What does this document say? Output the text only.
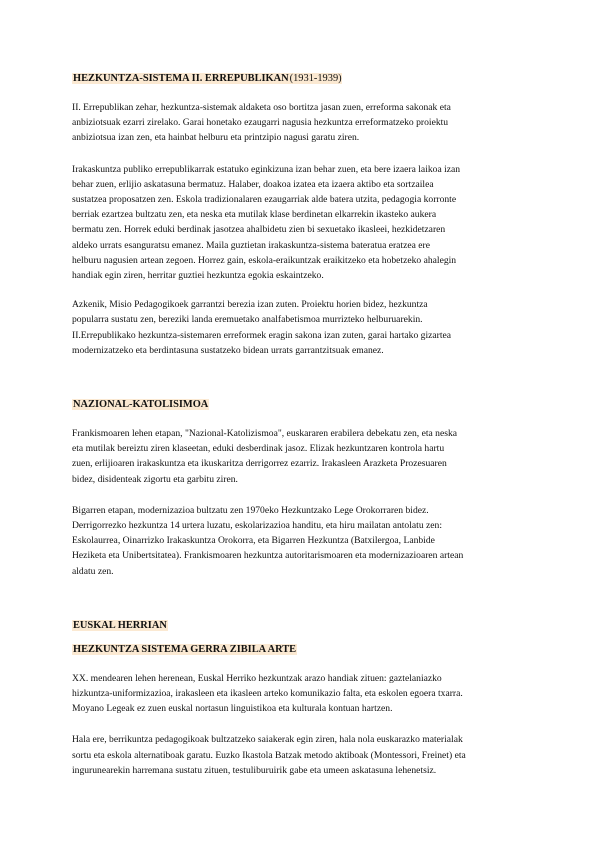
HEZKUNTZA-SISTEMA II. ERREPUBLIKAN(1931-1939)

II. Errepublikan zehar, hezkuntza-sistemak aldaketa oso bortitza jasan zuen, erreforma sakonak eta
anbiziotsuak ezarri zirelako. Garai honetako ezaugarri nagusia hezkuntza erreformatzeko proiektu
anbiziotsua izan zen, eta hainbat helburu eta printzipio nagusi garatu ziren.

Irakaskuntza publiko errepublikarrak estatuko eginkizuna izan behar zuen, eta bere izaera laikoa izan
behar zuen, erlijio askatasuna bermatuz. Halaber, doakoa izatea eta izaera aktibo eta sortzailea
sustatzea proposatzen zen. Eskola tradizionalaren ezaugarriak alde batera utzita, pedagogia korronte
berriak ezartzea bultzatu zen, eta neska eta mutilak klase berdinetan elkarrekin ikasteko aukera
bermatu zen. Horrek eduki berdinak jasotzea ahalbidetu zien bi sexuetako ikasleei, hezkidetzaren
aldeko urrats esanguratsu emanez. Maila guztietan irakaskuntza-sistema bateratua eratzea ere
helburu nagusien artean zegoen. Horrez gain, eskola-eraikuntzak eraikitzeko eta hobetzeko ahalegin
handiak egin ziren, herritar guztiei hezkuntza egokia eskaintzeko.

Azkenik, Misio Pedagogikoek garrantzi berezia izan zuten. Proiektu horien bidez, hezkuntza
popularra sustatu zen, bereziki landa eremuetako analfabetismoa murrizteko helburuarekin.
II.Errepublikako hezkuntza-sistemaren erreformek eragin sakona izan zuten, garai hartako gizartea
modernizatzeko eta berdintasuna sustatzeko bidean urrats garrantzitsuak emanez.

NAZIONAL-KATOLISIMOA

Frankismoaren lehen etapan, "Nazional-Katolizismoa", euskararen erabilera debekatu zen, eta neska
eta mutilak bereiztu ziren klaseetan, eduki desberdinak jasoz. Elizak hezkuntzaren kontrola hartu
zuen, erlijioaren irakaskuntza eta ikuskaritza derrigorrez ezarriz. Irakasleen Arazketa Prozesuaren
bidez, disidenteak zigortu eta garbitu ziren.

Bigarren etapan, modernizazioa bultzatu zen 1970eko Hezkuntzako Lege Orokorraren bidez.
Derrigorrezko hezkuntza 14 urtera luzatu, eskolarizazioa handitu, eta hiru mailatan antolatu zen:
Eskolaurrea, Oinarrizko Irakaskuntza Orokorra, eta Bigarren Hezkuntza (Batxilergoa, Lanbide
Heziketa eta Unibertsitatea). Frankismoaren hezkuntza autoritarismoaren eta modernizazioaren artean
aldatu zen.

EUSKAL HERRIAN
HEZKUNTZA SISTEMA GERRA ZIBILA ARTE

XX. mendearen lehen herenean, Euskal Herriko hezkuntzak arazo handiak zituen: gaztelaniazko
hizkuntza-uniformizazioa, irakasleen eta ikasleen arteko komunikazio falta, eta eskolen egoera txarra.
Moyano Legeak ez zuen euskal nortasun linguistikoa eta kulturala kontuan hartzen.

Hala ere, berrikuntza pedagogikoak bultzatzeko saiakerak egin ziren, hala nola euskarazko materialak
sortu eta eskola alternatiboak garatu. Euzko Ikastola Batzak metodo aktiboak (Montessori, Freinet) eta
ingurunearekin harremana sustatu zituen, testuliburuirik gabe eta umeen askatasuna lehenetsiz.
